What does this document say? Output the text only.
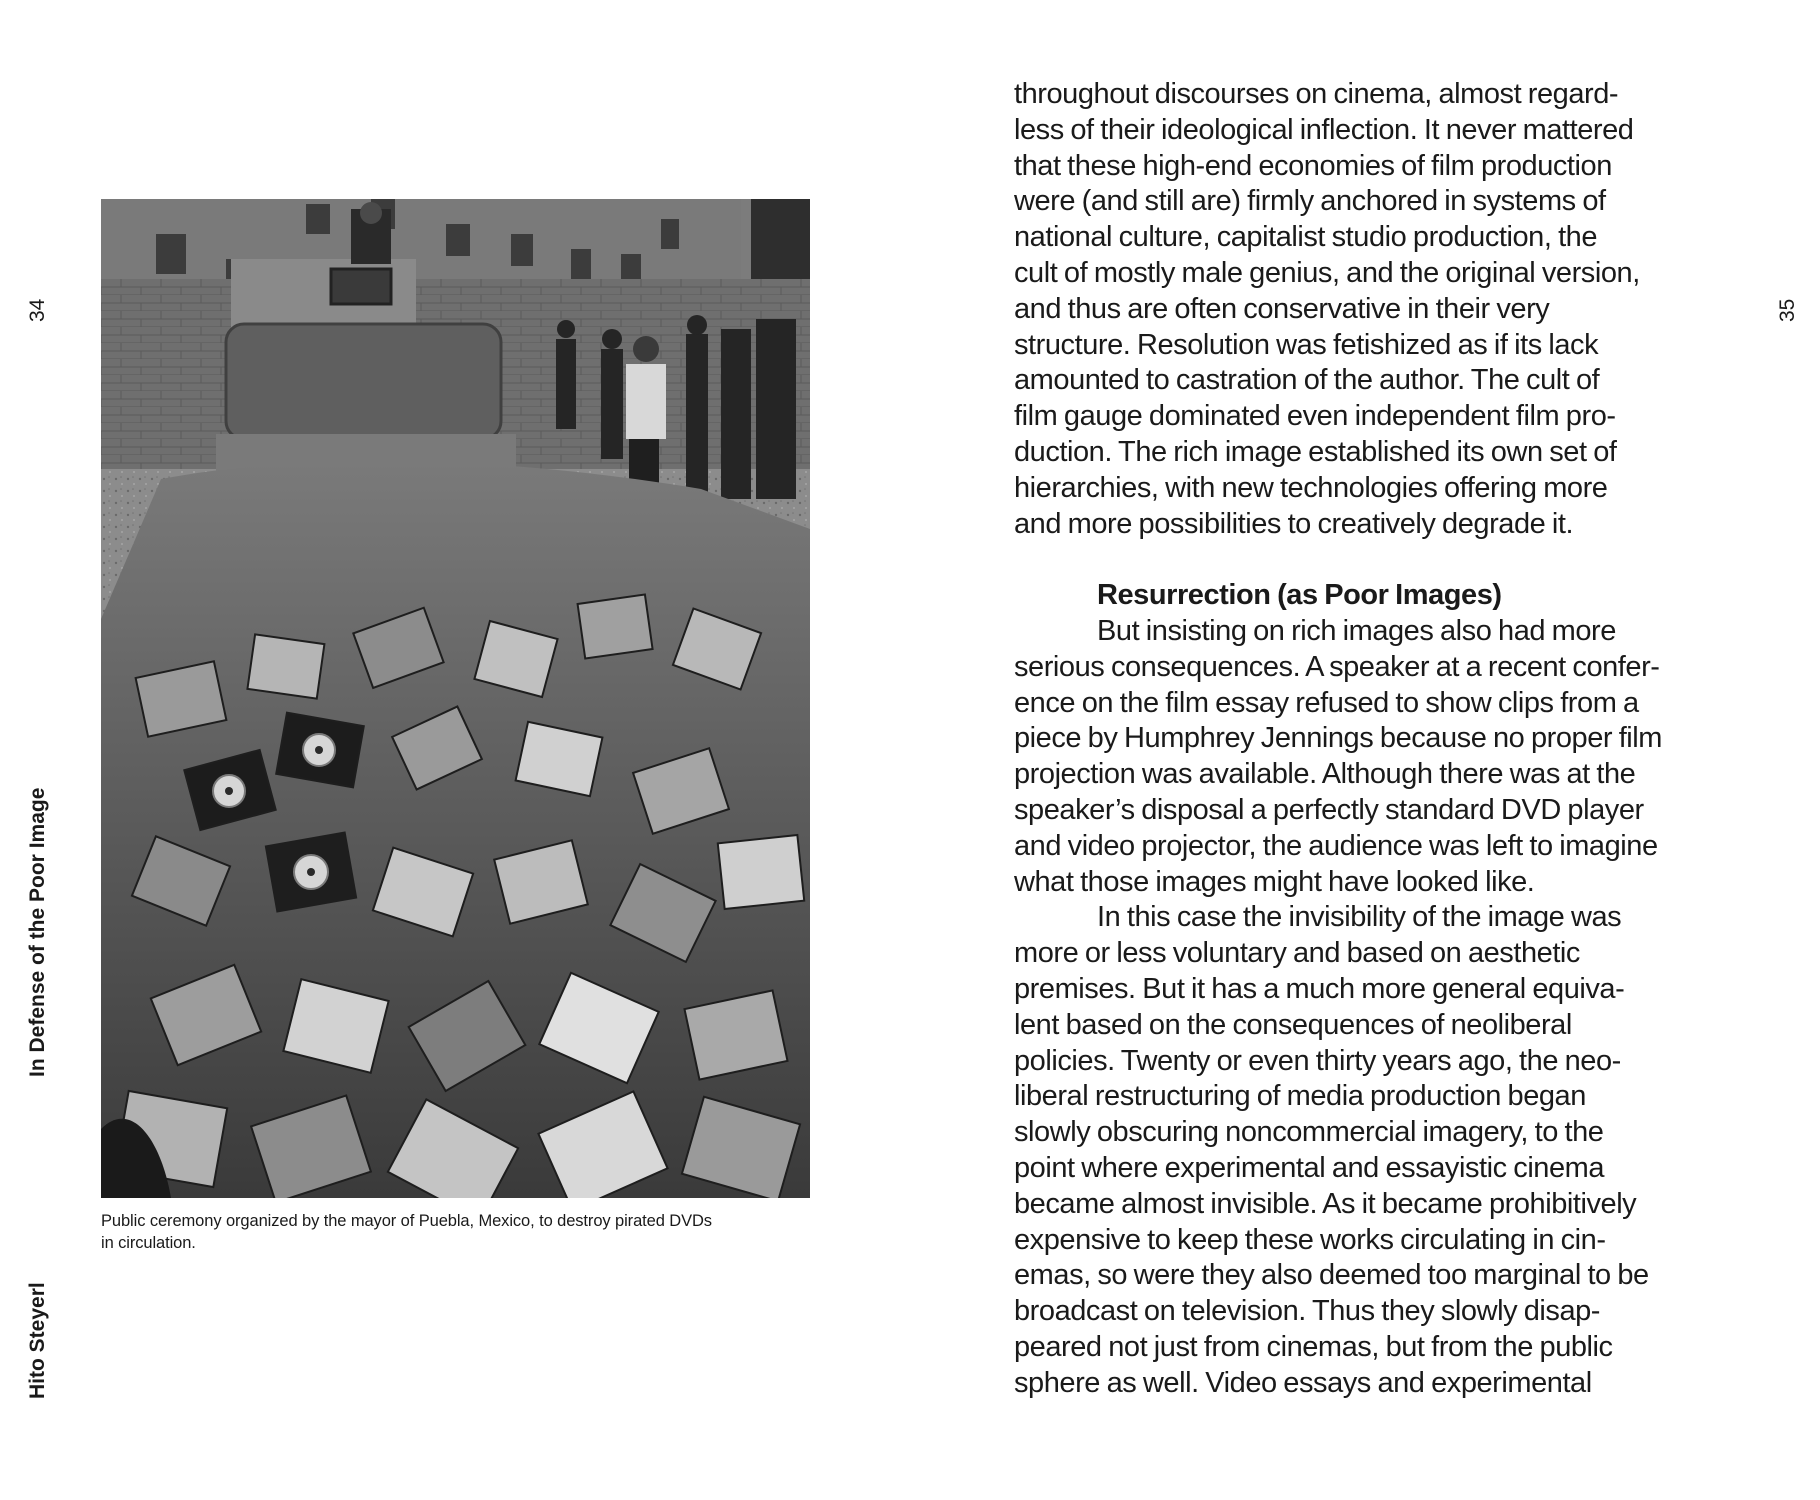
34
In Defense of the Poor Image
Hito Steyerl
Public ceremony organized by the mayor of Puebla, Mexico, to destroy pirated DVDs
in circulation.
35
throughout discourses on cinema, almost regard-
less of their ideological inflection. It never mattered
that these high-end economies of film production
were (and still are) firmly anchored in systems of
national culture, capitalist studio production, the
cult of mostly male genius, and the original version,
and thus are often conservative in their very
structure. Resolution was fetishized as if its lack
amounted to castration of the author. The cult of
film gauge dominated even independent film pro-
duction. The rich image established its own set of
hierarchies, with new technologies offering more
and more possibilities to creatively degrade it.
Resurrection (as Poor Images)
But insisting on rich images also had more
serious consequences. A speaker at a recent confer-
ence on the film essay refused to show clips from a
piece by Humphrey Jennings because no proper film
projection was available. Although there was at the
speaker’s disposal a perfectly standard DVD player
and video projector, the audience was left to imagine
what those images might have looked like.
In this case the invisibility of the image was
more or less voluntary and based on aesthetic
premises. But it has a much more general equiva-
lent based on the consequences of neoliberal
policies. Twenty or even thirty years ago, the neo-
liberal restructuring of media production began
slowly obscuring noncommercial imagery, to the
point where experimental and essayistic cinema
became almost invisible. As it became prohibitively
expensive to keep these works circulating in cin-
emas, so were they also deemed too marginal to be
broadcast on television. Thus they slowly disap-
peared not just from cinemas, but from the public
sphere as well. Video essays and experimental
